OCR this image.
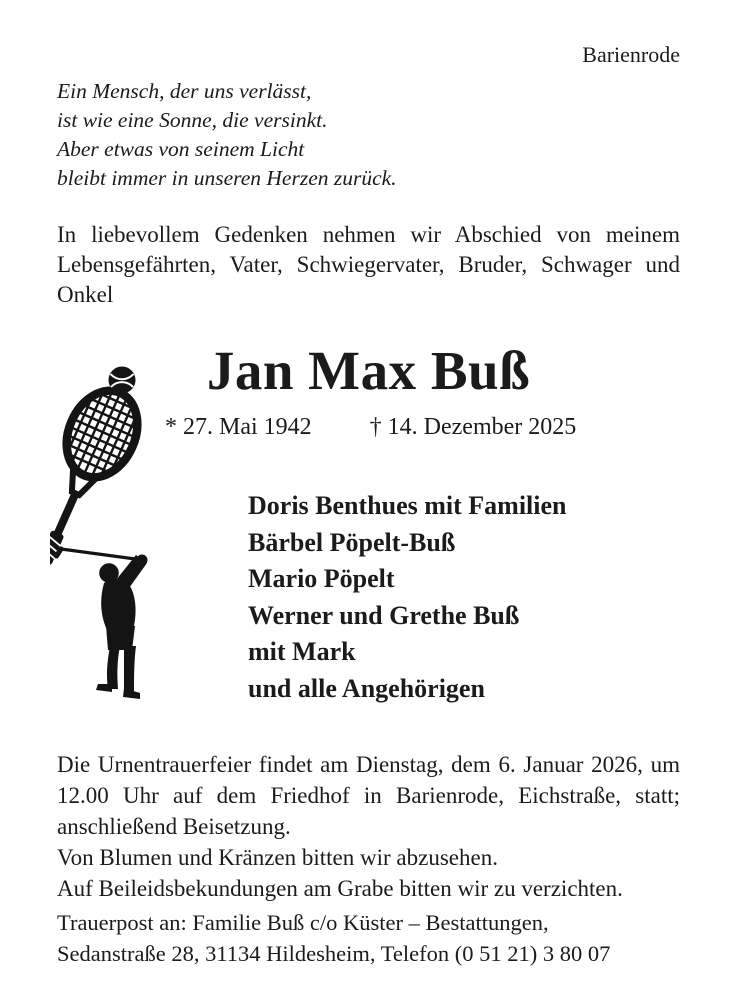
Barienrode
Ein Mensch, der uns verlässt,
ist wie eine Sonne, die versinkt.
Aber etwas von seinem Licht
bleibt immer in unseren Herzen zurück.

In liebevollem Gedenken nehmen wir Abschied von meinem Lebensgefährten, Vater, Schwiegervater, Bruder, Schwager und Onkel

Jan Max Buß
* 27. Mai 1942 † 14. Dezember 2025
Doris Benthues mit Familien
Bärbel Pöpelt-Buß
Mario Pöpelt
Werner und Grethe Buß
mit Mark
und alle Angehörigen

Die Urnentrauerfeier findet am Dienstag, dem 6. Januar 2026, um 12.00 Uhr auf dem Friedhof in Barienrode, Eichstraße, statt; anschließend Beisetzung.

Von Blumen und Kränzen bitten wir abzusehen.

Auf Beileidsbekundungen am Grabe bitten wir zu verzichten.

Trauerpost an: Familie Buß c/o Küster – Bestattungen,
Sedanstraße 28, 31134 Hildesheim, Telefon (0 51 21) 3 80 07
